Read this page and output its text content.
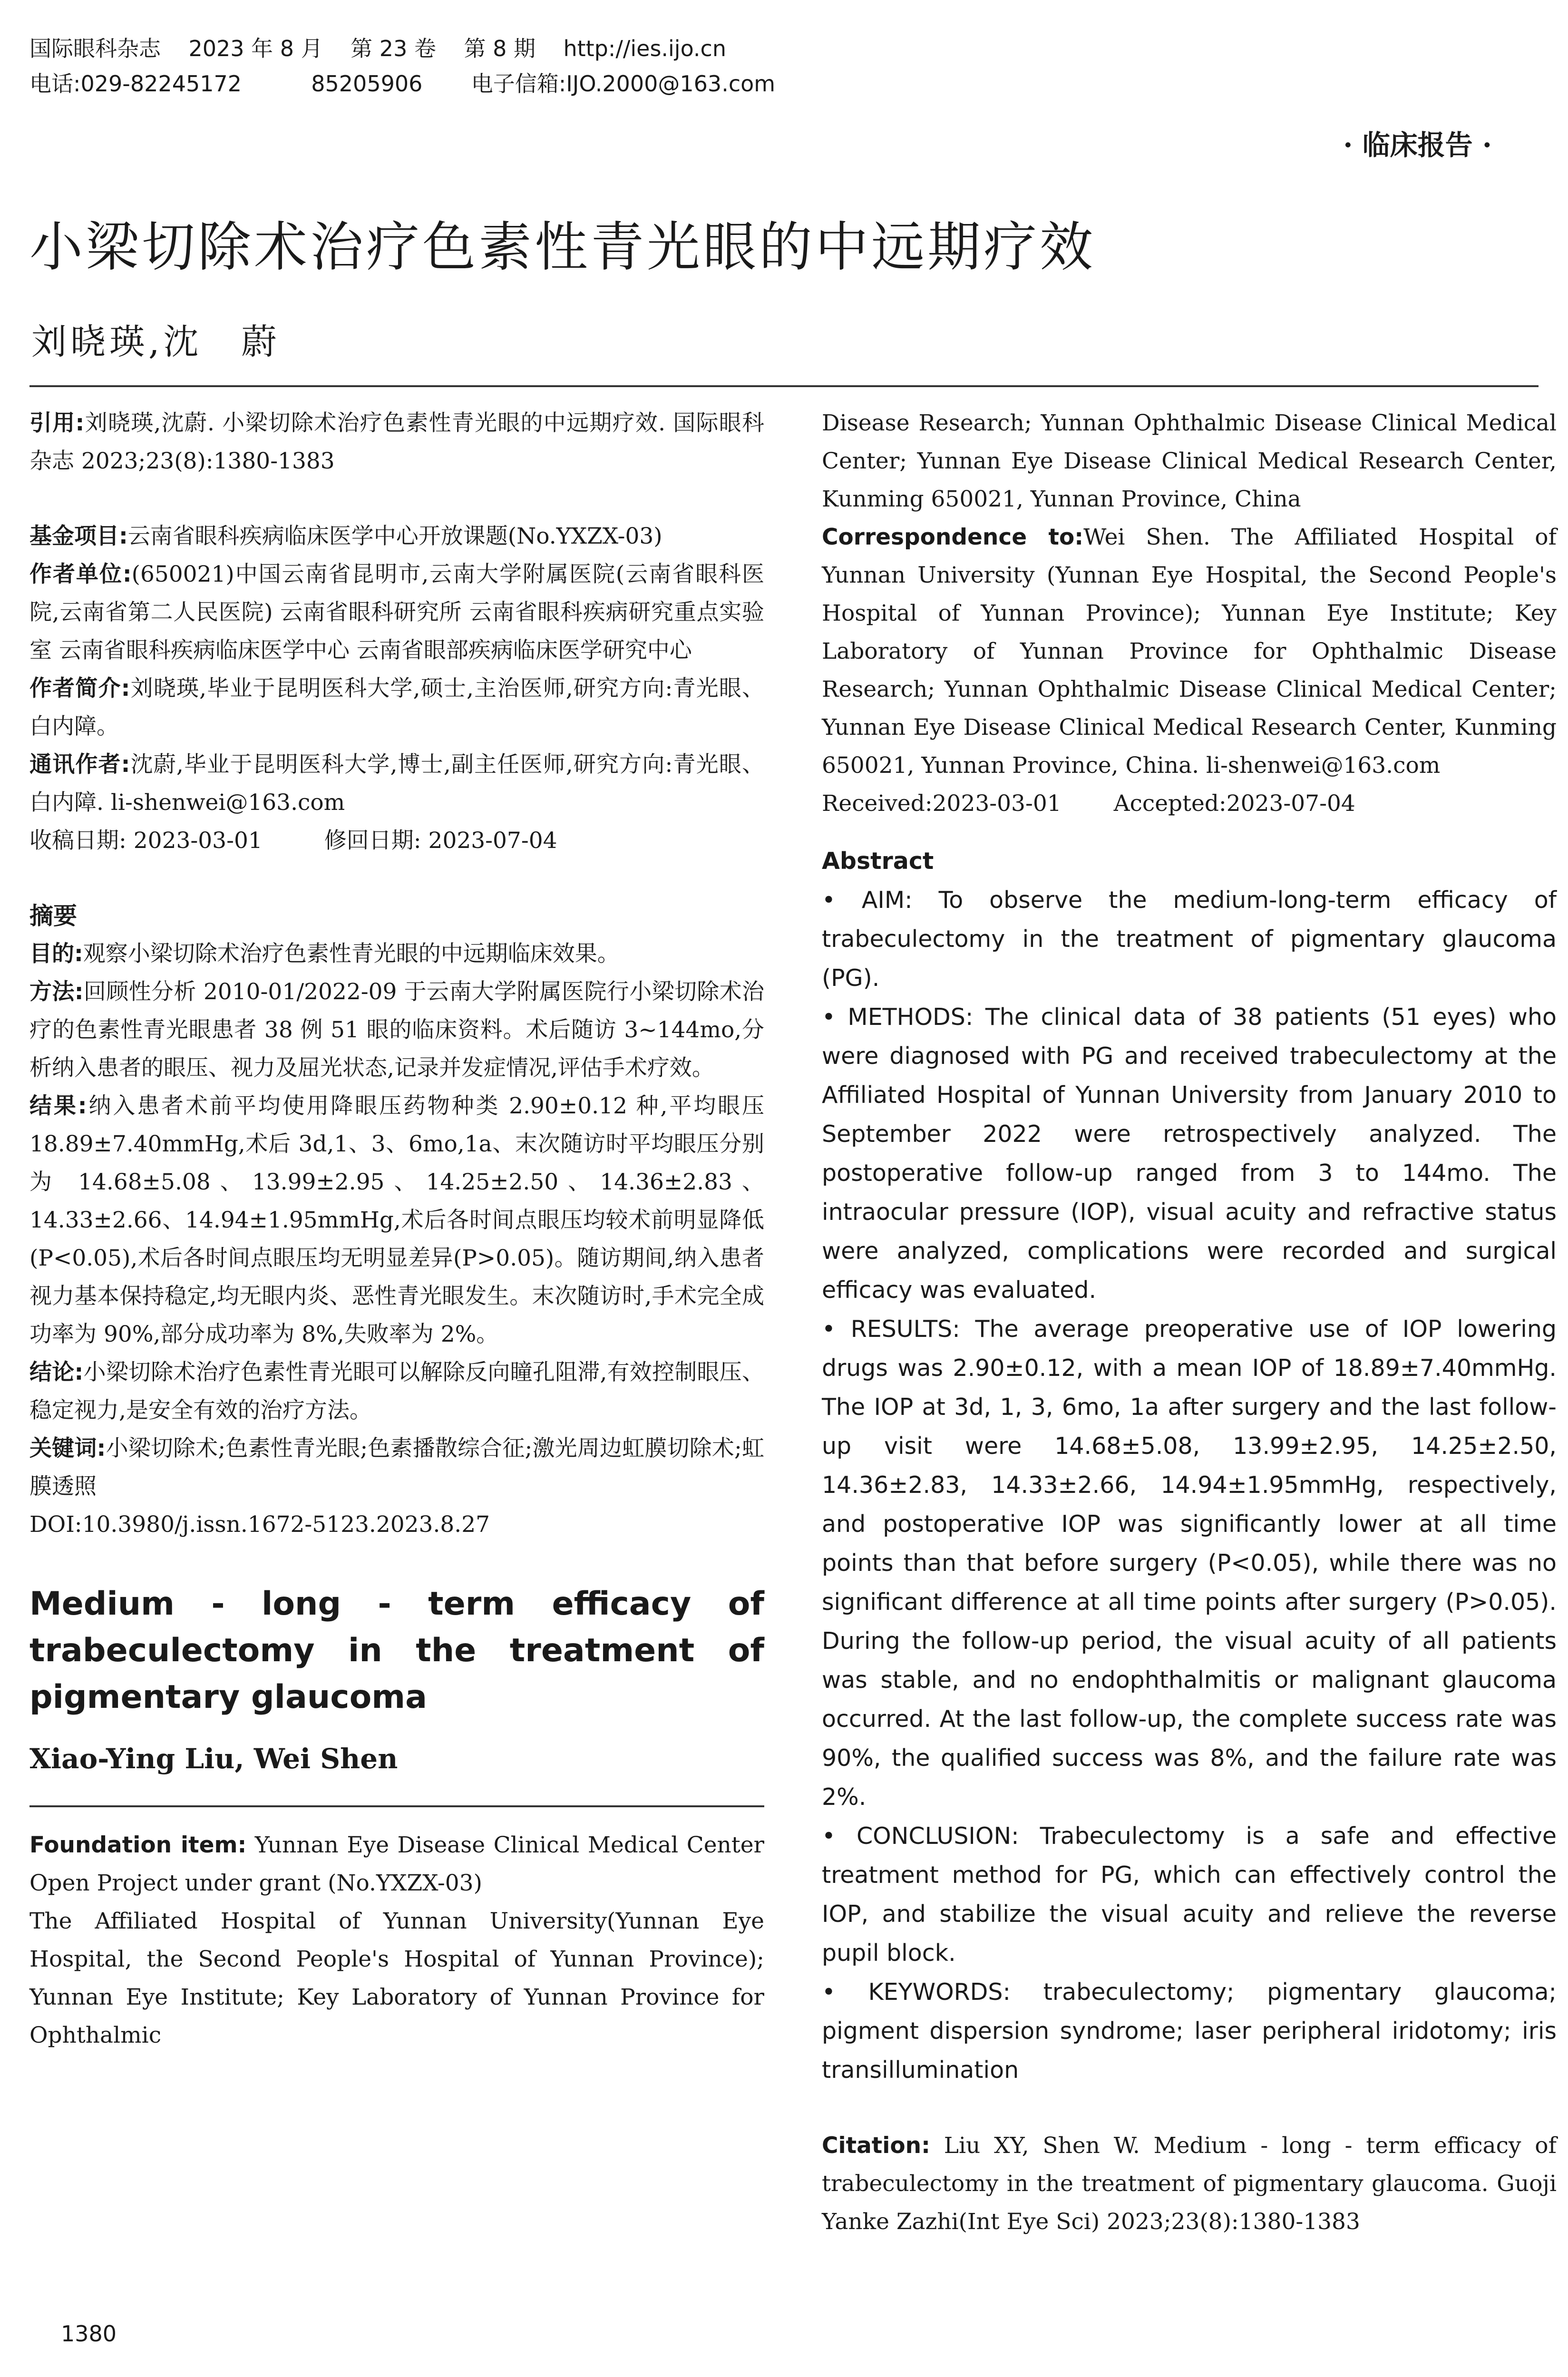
国际眼科杂志    2023 年 8 月    第 23 卷    第 8 期    http://ies.ijo.cn
电话:029-82245172          85205906       电子信箱:IJO.2000@163.com
· 临床报告 ·
小梁切除术治疗色素性青光眼的中远期疗效
刘晓瑛,沈　蔚

引用:刘晓瑛,沈蔚. 小梁切除术治疗色素性青光眼的中远期疗效. 国际眼科杂志 2023;23(8):1380-1383

基金项目:云南省眼科疾病临床医学中心开放课题(No.YXZX-03)

作者单位:(650021)中国云南省昆明市,云南大学附属医院(云南省眼科医院,云南省第二人民医院) 云南省眼科研究所 云南省眼科疾病研究重点实验室 云南省眼科疾病临床医学中心 云南省眼部疾病临床医学研究中心

作者简介:刘晓瑛,毕业于昆明医科大学,硕士,主治医师,研究方向:青光眼、白内障。

通讯作者:沈蔚,毕业于昆明医科大学,博士,副主任医师,研究方向:青光眼、白内障. li-shenwei@163.com

收稿日期: 2023-03-01	修回日期: 2023-07-04

摘要

目的:观察小梁切除术治疗色素性青光眼的中远期临床效果。

方法:回顾性分析 2010-01/2022-09 于云南大学附属医院行小梁切除术治疗的色素性青光眼患者 38 例 51 眼的临床资料。术后随访 3~144mo,分析纳入患者的眼压、视力及屈光状态,记录并发症情况,评估手术疗效。

结果:纳入患者术前平均使用降眼压药物种类 2.90±0.12 种,平均眼压 18.89±7.40mmHg,术后 3d,1、3、6mo,1a、末次随访时平均眼压分别为 14.68±5.08、13.99±2.95、14.25±2.50、14.36±2.83、14.33±2.66、14.94±1.95mmHg,术后各时间点眼压均较术前明显降低(P<0.05),术后各时间点眼压均无明显差异(P>0.05)。随访期间,纳入患者视力基本保持稳定,均无眼内炎、恶性青光眼发生。末次随访时,手术完全成功率为 90%,部分成功率为 8%,失败率为 2%。

结论:小梁切除术治疗色素性青光眼可以解除反向瞳孔阻滞,有效控制眼压、稳定视力,是安全有效的治疗方法。

关键词:小梁切除术;色素性青光眼;色素播散综合征;激光周边虹膜切除术;虹膜透照

DOI:10.3980/j.issn.1672-5123.2023.8.27

Medium - long - term efficacy of trabeculectomy in the treatment of pigmentary glaucoma

Xiao-Ying Liu, Wei Shen

Foundation item: Yunnan Eye Disease Clinical Medical Center Open Project under grant (No.YXZX-03)

The Affiliated Hospital of Yunnan University(Yunnan Eye Hospital, the Second People's Hospital of Yunnan Province); Yunnan Eye Institute; Key Laboratory of Yunnan Province for Ophthalmic

Disease Research; Yunnan Ophthalmic Disease Clinical Medical Center; Yunnan Eye Disease Clinical Medical Research Center, Kunming 650021, Yunnan Province, China

Correspondence to:Wei Shen. The Affiliated Hospital of Yunnan University (Yunnan Eye Hospital, the Second People's Hospital of Yunnan Province); Yunnan Eye Institute; Key Laboratory of Yunnan Province for Ophthalmic Disease Research; Yunnan Ophthalmic Disease Clinical Medical Center; Yunnan Eye Disease Clinical Medical Research Center, Kunming 650021, Yunnan Province, China. li-shenwei@163.com

Received:2023-03-01 Accepted:2023-07-04

Abstract

• AIM: To observe the medium-long-term efficacy of trabeculectomy in the treatment of pigmentary glaucoma (PG).

• METHODS: The clinical data of 38 patients (51 eyes) who were diagnosed with PG and received trabeculectomy at the Affiliated Hospital of Yunnan University from January 2010 to September 2022 were retrospectively analyzed. The postoperative follow-up ranged from 3 to 144mo. The intraocular pressure (IOP), visual acuity and refractive status were analyzed, complications were recorded and surgical efficacy was evaluated.

• RESULTS: The average preoperative use of IOP lowering drugs was 2.90±0.12, with a mean IOP of 18.89±7.40mmHg. The IOP at 3d, 1, 3, 6mo, 1a after surgery and the last follow-up visit were 14.68±5.08, 13.99±2.95, 14.25±2.50, 14.36±2.83, 14.33±2.66, 14.94±1.95mmHg, respectively, and postoperative IOP was significantly lower at all time points than that before surgery (P<0.05), while there was no significant difference at all time points after surgery (P>0.05). During the follow-up period, the visual acuity of all patients was stable, and no endophthalmitis or malignant glaucoma occurred. At the last follow-up, the complete success rate was 90%, the qualified success was 8%, and the failure rate was 2%.

• CONCLUSION: Trabeculectomy is a safe and effective treatment method for PG, which can effectively control the IOP, and stabilize the visual acuity and relieve the reverse pupil block.

• KEYWORDS: trabeculectomy; pigmentary glaucoma; pigment dispersion syndrome; laser peripheral iridotomy; iris transillumination

Citation: Liu XY, Shen W. Medium - long - term efficacy of trabeculectomy in the treatment of pigmentary glaucoma. Guoji Yanke Zazhi(Int Eye Sci) 2023;23(8):1380-1383

1380
